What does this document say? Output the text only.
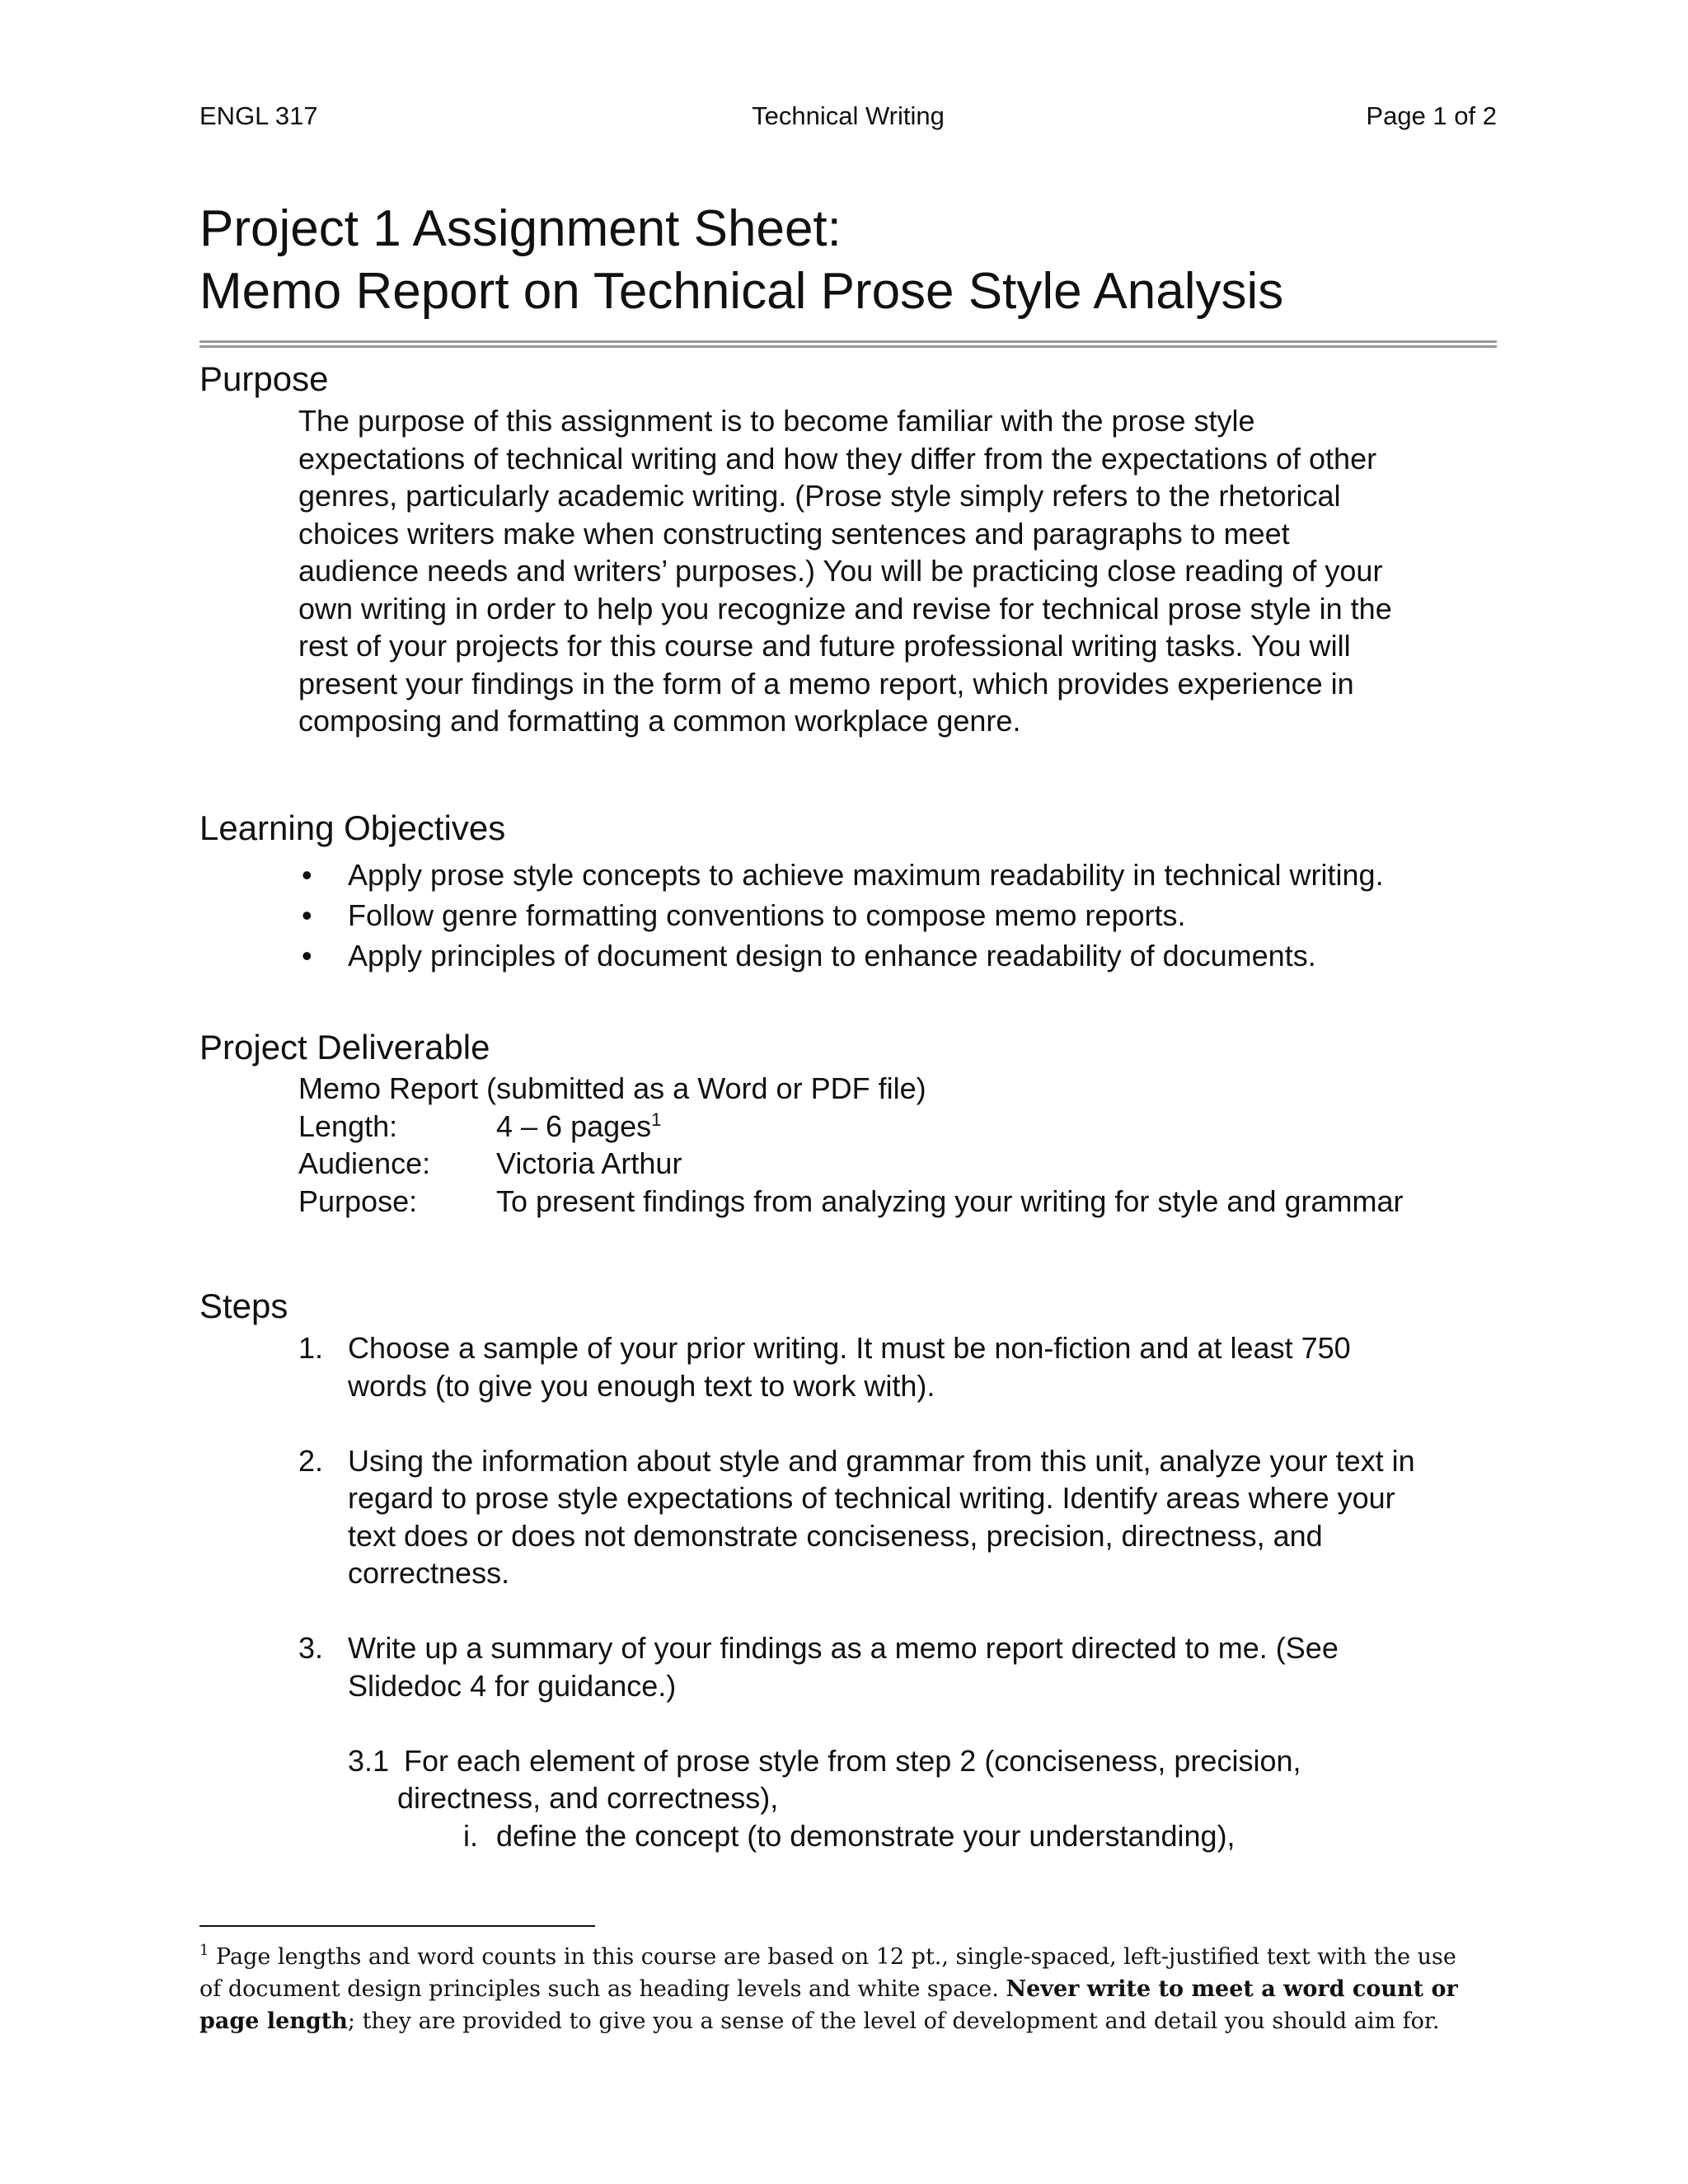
ENGL 317	Technical Writing	Page 1 of 2
Project 1 Assignment Sheet:
Memo Report on Technical Prose Style Analysis
Purpose

The purpose of this assignment is to become familiar with the prose style
expectations of technical writing and how they differ from the expectations of other
genres, particularly academic writing. (Prose style simply refers to the rhetorical
choices writers make when constructing sentences and paragraphs to meet
audience needs and writers’ purposes.) You will be practicing close reading of your
own writing in order to help you recognize and revise for technical prose style in the
rest of your projects for this course and future professional writing tasks. You will
present your findings in the form of a memo report, which provides experience in
composing and formatting a common workplace genre.

Learning Objectives
• Apply prose style concepts to achieve maximum readability in technical writing.
• Follow genre formatting conventions to compose memo reports.
• Apply principles of document design to enhance readability of documents.
Project Deliverable
Memo Report (submitted as a Word or PDF file)
Length:	4 – 6 pages$^1$
Audience: Victoria Arthur
Purpose:	To present findings from analyzing your writing for style and grammar
Steps
1. Choose a sample of your prior writing. It must be non-fiction and at least 750
words (to give you enough text to work with).
2. Using the information about style and grammar from this unit, analyze your text in
regard to prose style expectations of technical writing. Identify areas where your
text does or does not demonstrate conciseness, precision, directness, and
correctness.
3. Write up a summary of your findings as a memo report directed to me. (See
Slidedoc 4 for guidance.)
3.1 For each element of prose style from step 2 (conciseness, precision,
directness, and correctness),
i. define the concept (to demonstrate your understanding),
$^1$ Page lengths and word counts in this course are based on 12 pt., single-spaced, left-justified text with the use
of document design principles such as heading levels and white space. Never write to meet a word count or
page length; they are provided to give you a sense of the level of development and detail you should aim for.
